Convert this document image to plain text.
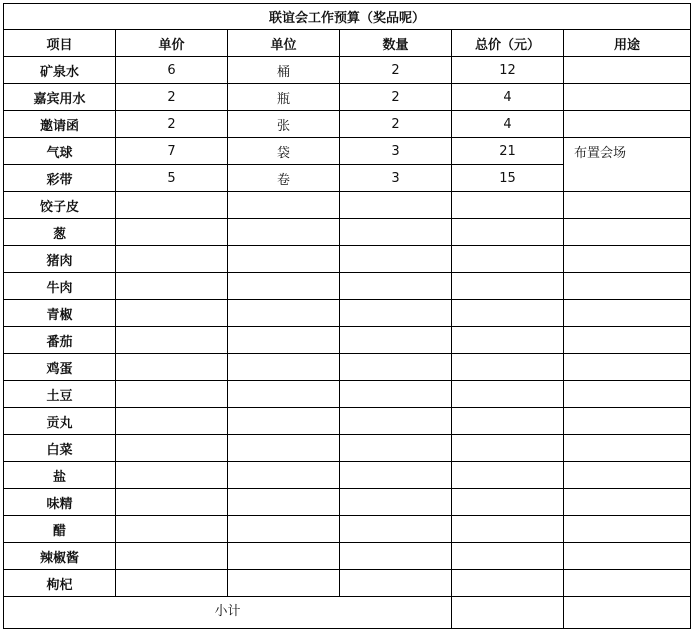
联谊会工作预算（奖品呢）					
项目	单价	单位	数量	总价（元）	用途
矿泉水	6	桶	2	12	
嘉宾用水	2	瓶	2	4	
邀请函	2	张	2	4	
气球	7	袋	3	21	布置会场
彩带	5	卷	3	15	
饺子皮					
葱					
猪肉					
牛肉					
青椒					
番茄					
鸡蛋					
土豆					
贡丸					
白菜					
盐					
味精					
醋					
辣椒酱					
枸杞					
小计					
